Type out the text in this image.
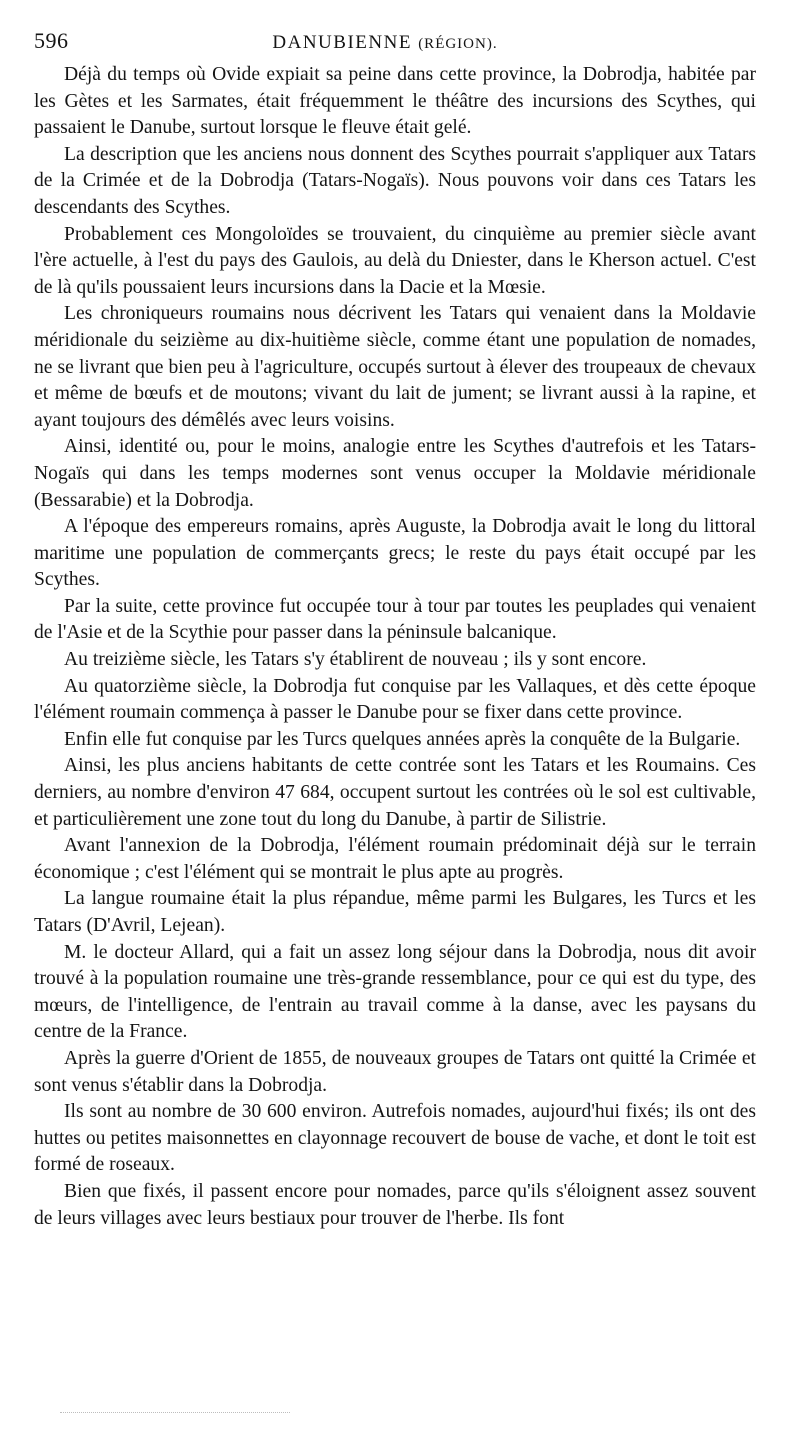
596	DANUBIENNE (RÉGION).

Déjà du temps où Ovide expiait sa peine dans cette province, la Dobrodja, habitée par les Gètes et les Sarmates, était fréquemment le théâtre des incursions des Scythes, qui passaient le Danube, surtout lorsque le fleuve était gelé.

La description que les anciens nous donnent des Scythes pourrait s'appliquer aux Tatars de la Crimée et de la Dobrodja (Tatars-Nogaïs). Nous pouvons voir dans ces Tatars les descendants des Scythes.

Probablement ces Mongoloïdes se trouvaient, du cinquième au premier siècle avant l'ère actuelle, à l'est du pays des Gaulois, au delà du Dniester, dans le Kherson actuel. C'est de là qu'ils poussaient leurs incursions dans la Dacie et la Mœsie.

Les chroniqueurs roumains nous décrivent les Tatars qui venaient dans la Moldavie méridionale du seizième au dix-huitième siècle, comme étant une population de nomades, ne se livrant que bien peu à l'agriculture, occupés surtout à élever des troupeaux de chevaux et même de bœufs et de moutons; vivant du lait de jument; se livrant aussi à la rapine, et ayant toujours des démêlés avec leurs voisins.

Ainsi, identité ou, pour le moins, analogie entre les Scythes d'autrefois et les Tatars-Nogaïs qui dans les temps modernes sont venus occuper la Moldavie méridionale (Bessarabie) et la Dobrodja.

A l'époque des empereurs romains, après Auguste, la Dobrodja avait le long du littoral maritime une population de commerçants grecs; le reste du pays était occupé par les Scythes.

Par la suite, cette province fut occupée tour à tour par toutes les peuplades qui venaient de l'Asie et de la Scythie pour passer dans la péninsule balcanique.

Au treizième siècle, les Tatars s'y établirent de nouveau ; ils y sont encore.

Au quatorzième siècle, la Dobrodja fut conquise par les Vallaques, et dès cette époque l'élément roumain commença à passer le Danube pour se fixer dans cette province.

Enfin elle fut conquise par les Turcs quelques années après la conquête de la Bulgarie.

Ainsi, les plus anciens habitants de cette contrée sont les Tatars et les Roumains. Ces derniers, au nombre d'environ 47 684, occupent surtout les contrées où le sol est cultivable, et particulièrement une zone tout du long du Danube, à partir de Silistrie.

Avant l'annexion de la Dobrodja, l'élément roumain prédominait déjà sur le terrain économique ; c'est l'élément qui se montrait le plus apte au progrès.

La langue roumaine était la plus répandue, même parmi les Bulgares, les Turcs et les Tatars (D'Avril, Lejean).

M. le docteur Allard, qui a fait un assez long séjour dans la Dobrodja, nous dit avoir trouvé à la population roumaine une très-grande ressemblance, pour ce qui est du type, des mœurs, de l'intelligence, de l'entrain au travail comme à la danse, avec les paysans du centre de la France.

Après la guerre d'Orient de 1855, de nouveaux groupes de Tatars ont quitté la Crimée et sont venus s'établir dans la Dobrodja.

Ils sont au nombre de 30 600 environ. Autrefois nomades, aujourd'hui fixés; ils ont des huttes ou petites maisonnettes en clayonnage recouvert de bouse de vache, et dont le toit est formé de roseaux.

Bien que fixés, il passent encore pour nomades, parce qu'ils s'éloignent assez souvent de leurs villages avec leurs bestiaux pour trouver de l'herbe. Ils font
